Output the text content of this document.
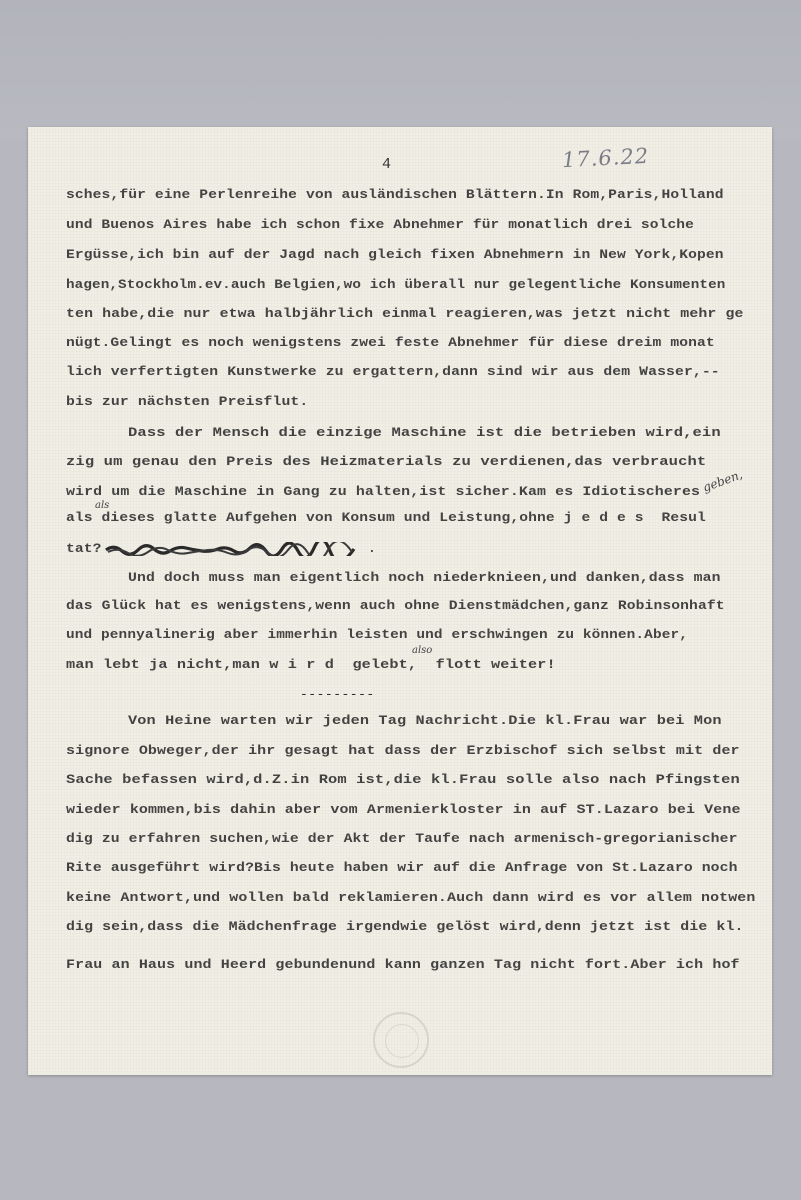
4	17.6.22
sches,für eine Perlenreihe von ausländischen Blättern.In Rom,Paris,Holland
und Buenos Aires habe ich schon fixe Abnehmer für monatlich drei solche
Ergüsse,ich bin auf der Jagd nach gleich fixen Abnehmern in New York,Kopen
hagen,Stockholm.ev.auch Belgien,wo ich überall nur gelegentliche Konsumenten
ten habe,die nur etwa halbjährlich einmal reagieren,was jetzt nicht mehr ge
nügt.Gelingt es noch wenigstens zwei feste Abnehmer für diese dreim monat
lich verfertigten Kunstwerke zu ergattern,dann sind wir aus dem Wasser,--
bis zur nächsten Preisflut.
Dass der Mensch die einzige Maschine ist die betrieben wird,ein
zig um genau den Preis des Heizmaterials zu verdienen,das verbraucht
wird um die Maschine in Gang zu halten,ist sicher.Kam es Idiotischeres
als dieses glatte Aufgehen von Konsum und Leistung,ohne j e d e s  Resul
tat?
Und doch muss man eigentlich noch niederknieen,und danken,dass man
das Glück hat es wenigstens,wenn auch ohne Dienstmädchen,ganz Robinsonhaft
und pennyalinerig aber immerhin leisten und erschwingen zu können.Aber,
man lebt ja nicht,man w i r d  gelebt,  flott weiter!
Von Heine warten wir jeden Tag Nachricht.Die kl.Frau war bei Mon
signore Obweger,der ihr gesagt hat dass der Erzbischof sich selbst mit der
Sache befassen wird,d.Z.in Rom ist,die kl.Frau solle also nach Pfingsten
wieder kommen,bis dahin aber vom Armenierkloster in auf ST.Lazaro bei Vene
dig zu erfahren suchen,wie der Akt der Taufe nach armenisch-gregorianischer
Rite ausgeführt wird?Bis heute haben wir auf die Anfrage von St.Lazaro noch
keine Antwort,und wollen bald reklamieren.Auch dann wird es vor allem notwen
dig sein,dass die Mädchenfrage irgendwie gelöst wird,denn jetzt ist die kl.
Frau an Haus und Heerd gebundenund kann ganzen Tag nicht fort.Aber ich hof
---------
.
geben,
als
also
